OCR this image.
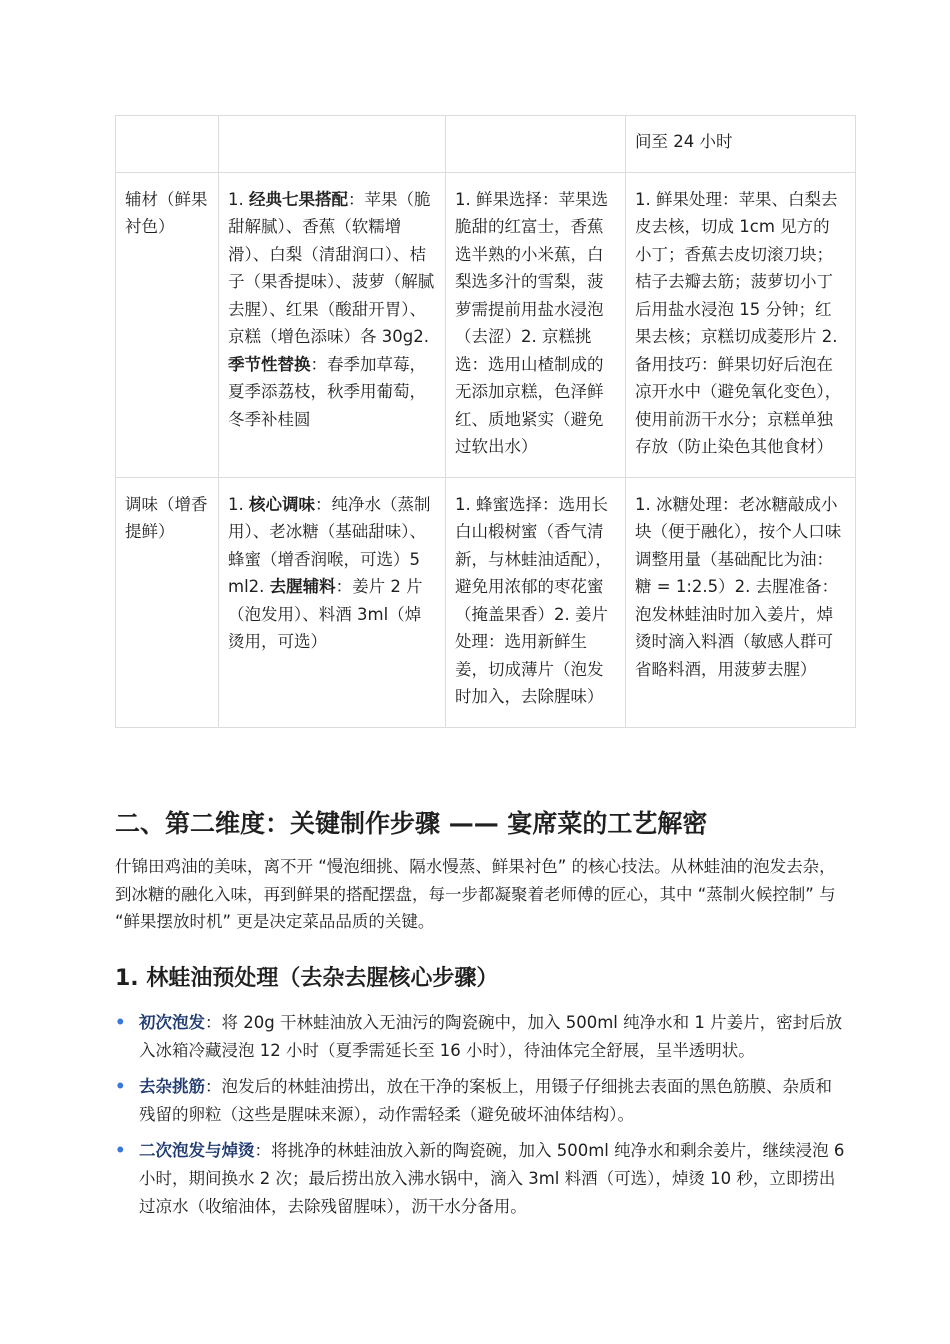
			间至 24 小时
辅材（鲜果衬色）	1. 经典七果搭配：苹果（脆甜解腻）、香蕉（软糯增滑）、白梨（清甜润口）、桔子（果香提味）、菠萝（解腻去腥）、红果（酸甜开胃）、京糕（增色添味）各 30g2. 季节性替换：春季加草莓，夏季添荔枝，秋季用葡萄，冬季补桂圆	1. 鲜果选择：苹果选脆甜的红富士，香蕉选半熟的小米蕉，白梨选多汁的雪梨，菠萝需提前用盐水浸泡（去涩）2. 京糕挑选：选用山楂制成的无添加京糕，色泽鲜红、质地紧实（避免过软出水）	1. 鲜果处理：苹果、白梨去皮去核，切成 1cm 见方的小丁；香蕉去皮切滚刀块；桔子去瓣去筋；菠萝切小丁后用盐水浸泡 15 分钟；红果去核；京糕切成菱形片 2. 备用技巧：鲜果切好后泡在凉开水中（避免氧化变色），使用前沥干水分；京糕单独存放（防止染色其他食材）
调味（增香提鲜）	1. 核心调味：纯净水（蒸制用）、老冰糖（基础甜味）、蜂蜜（增香润喉，可选）5ml2. 去腥辅料：姜片 2 片（泡发用）、料酒 3ml（焯烫用，可选）	1. 蜂蜜选择：选用长白山椴树蜜（香气清新，与林蛙油适配），避免用浓郁的枣花蜜（掩盖果香）2. 姜片处理：选用新鲜生姜，切成薄片（泡发时加入，去除腥味）	1. 冰糖处理：老冰糖敲成小块（便于融化），按个人口味调整用量（基础配比为油：糖 = 1:2.5）2. 去腥准备：泡发林蛙油时加入姜片，焯烫时滴入料酒（敏感人群可省略料酒，用菠萝去腥）
二、第二维度：关键制作步骤 —— 宴席菜的工艺解密

什锦田鸡油的美味，离不开 “慢泡细挑、隔水慢蒸、鲜果衬色” 的核心技法。从林蛙油的泡发去杂，到冰糖的融化入味，再到鲜果的搭配摆盘，每一步都凝聚着老师傅的匠心，其中 “蒸制火候控制” 与 “鲜果摆放时机” 更是决定菜品品质的关键。

1. 林蛙油预处理（去杂去腥核心步骤）
• 初次泡发：将 20g 干林蛙油放入无油污的陶瓷碗中，加入 500ml 纯净水和 1 片姜片，密封后放入冰箱冷藏浸泡 12 小时（夏季需延长至 16 小时），待油体完全舒展，呈半透明状。
• 去杂挑筋：泡发后的林蛙油捞出，放在干净的案板上，用镊子仔细挑去表面的黑色筋膜、杂质和残留的卵粒（这些是腥味来源），动作需轻柔（避免破坏油体结构）。
• 二次泡发与焯烫：将挑净的林蛙油放入新的陶瓷碗，加入 500ml 纯净水和剩余姜片，继续浸泡 6 小时，期间换水 2 次；最后捞出放入沸水锅中，滴入 3ml 料酒（可选），焯烫 10 秒，立即捞出过凉水（收缩油体，去除残留腥味），沥干水分备用。
